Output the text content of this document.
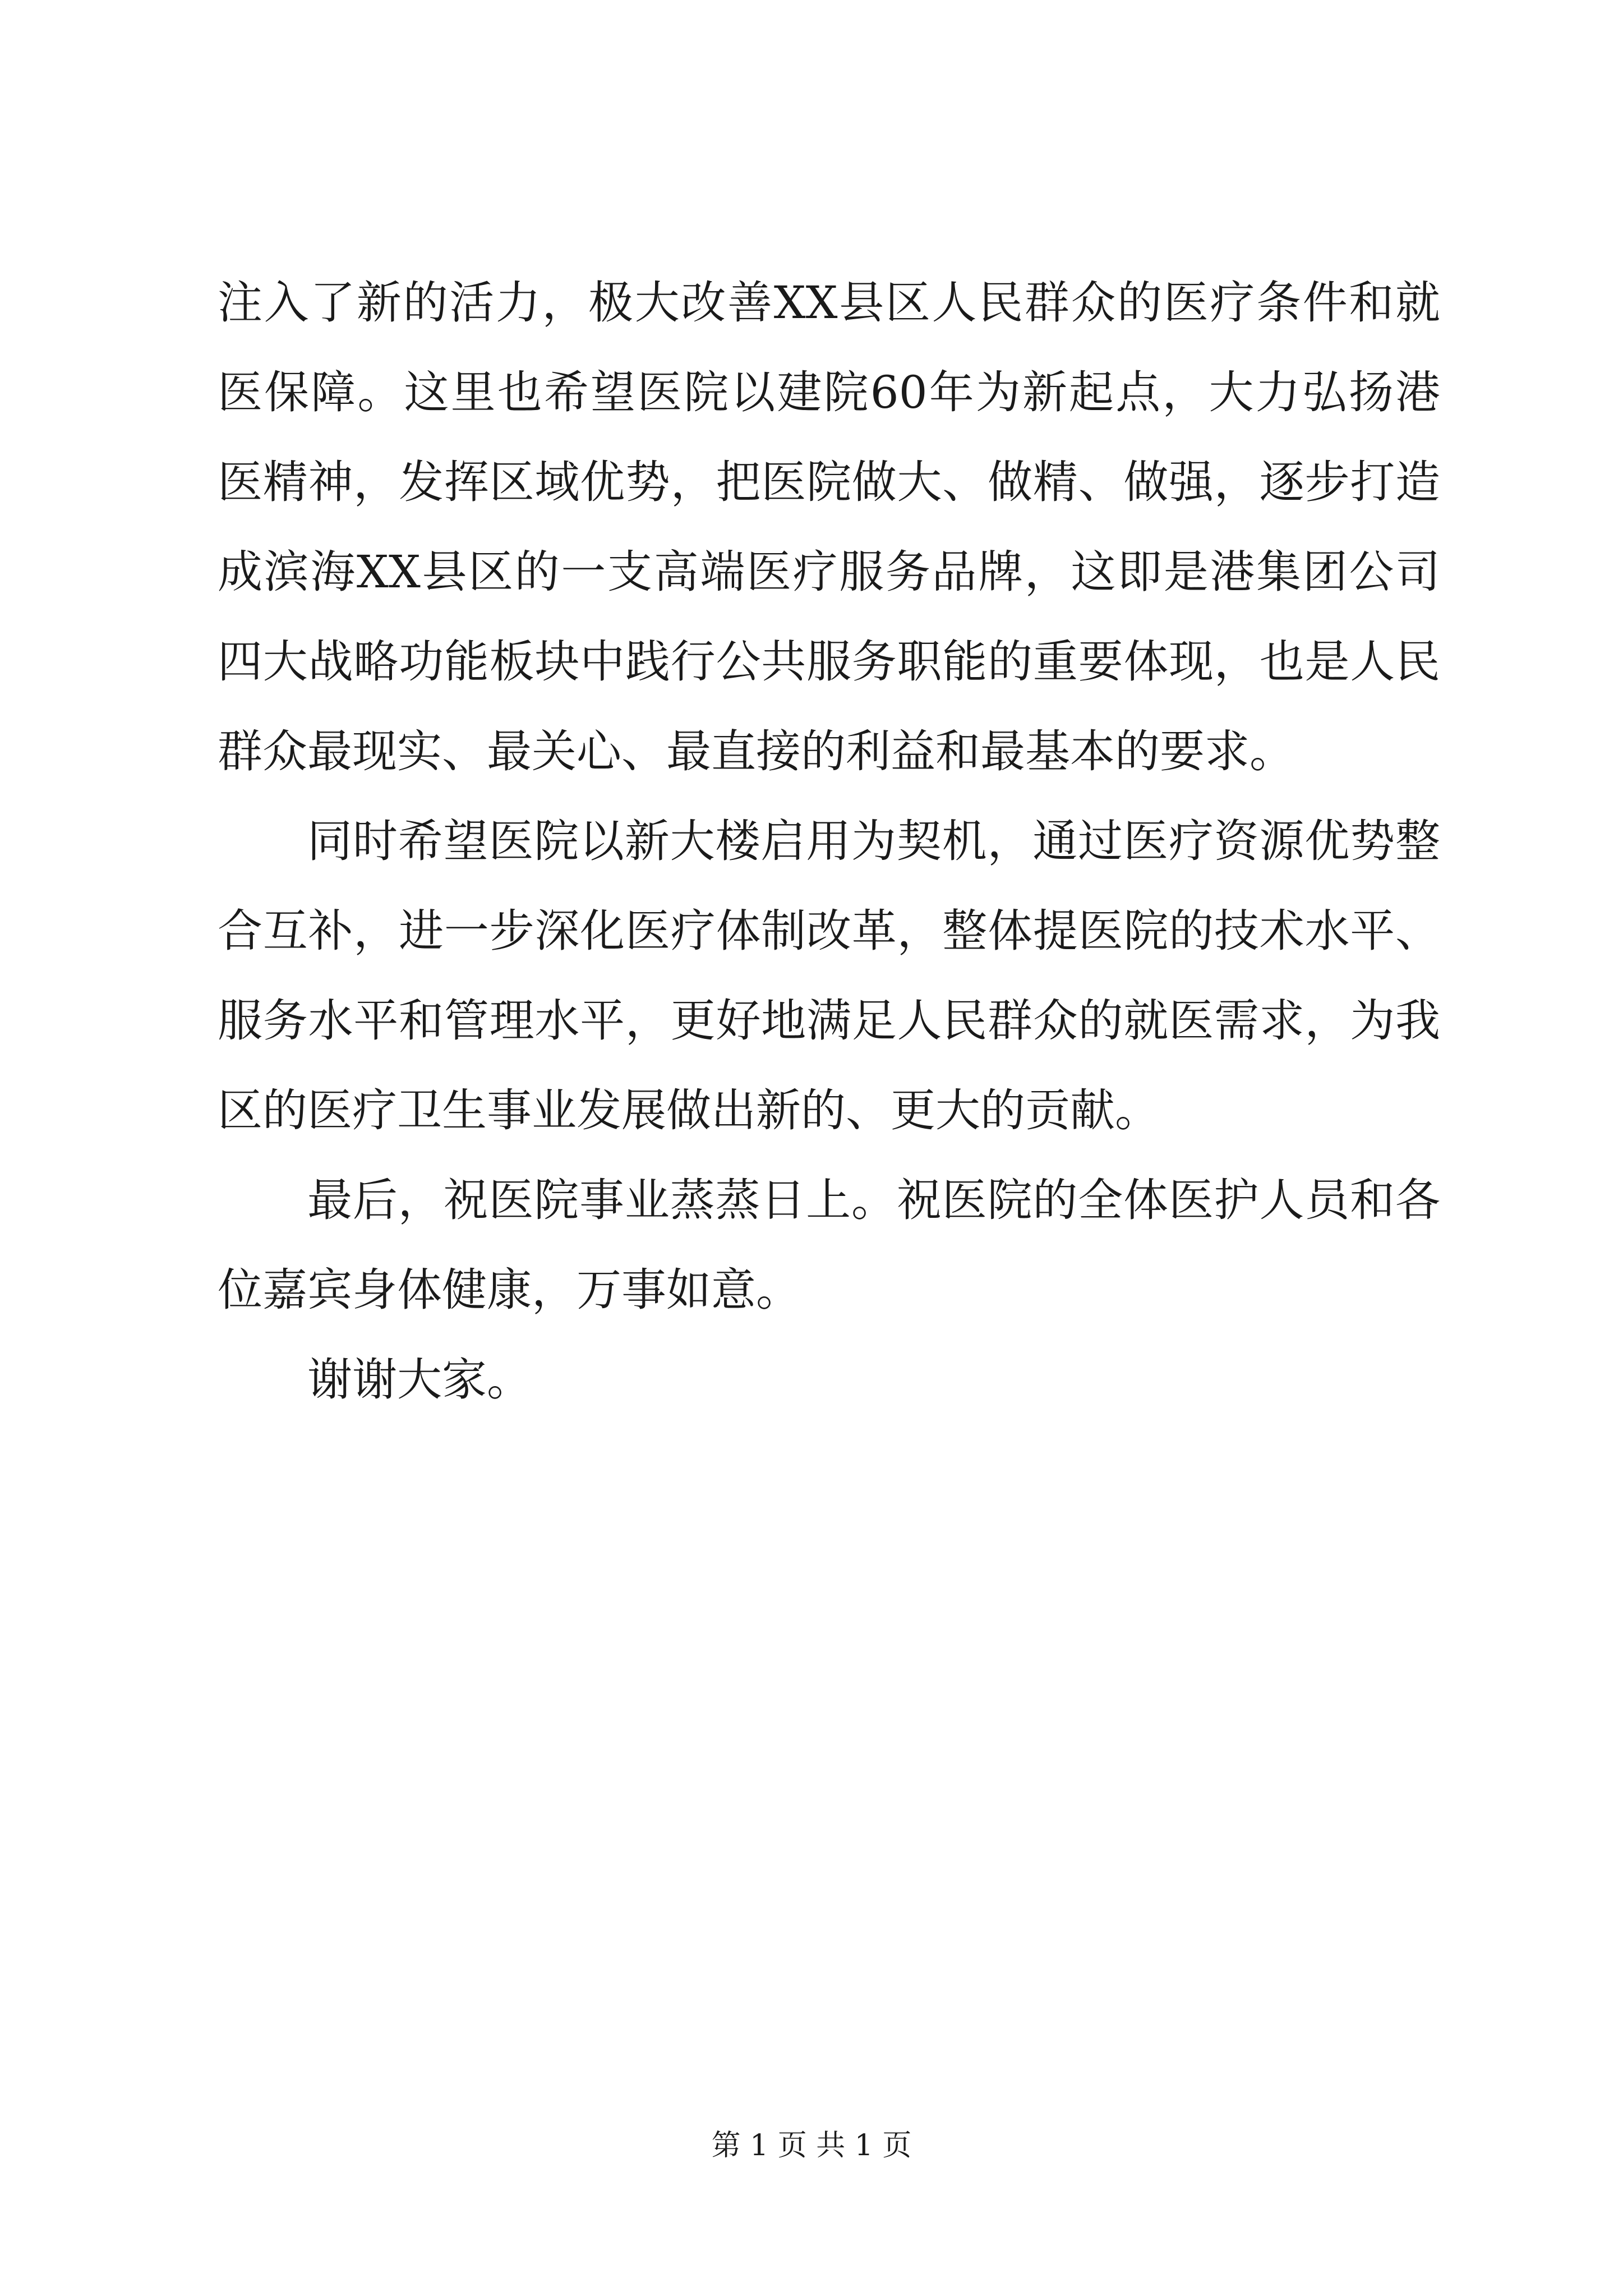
注入了新的活力，极大改善XX县区人民群众的医疗条件和就医保障。这里也希望医院以建院60年为新起点，大力弘扬港医精神，发挥区域优势，把医院做大、做精、做强，逐步打造成滨海XX县区的一支高端医疗服务品牌，这即是港集团公司四大战略功能板块中践行公共服务职能的重要体现，也是人民群众最现实、最关心、最直接的利益和最基本的要求。

同时希望医院以新大楼启用为契机，通过医疗资源优势整合互补，进一步深化医疗体制改革，整体提医院的技术水平、服务水平和管理水平，更好地满足人民群众的就医需求，为我区的医疗卫生事业发展做出新的、更大的贡献。

最后，祝医院事业蒸蒸日上。祝医院的全体医护人员和各位嘉宾身体健康，万事如意。

谢谢大家。

第 1 页 共 1 页
